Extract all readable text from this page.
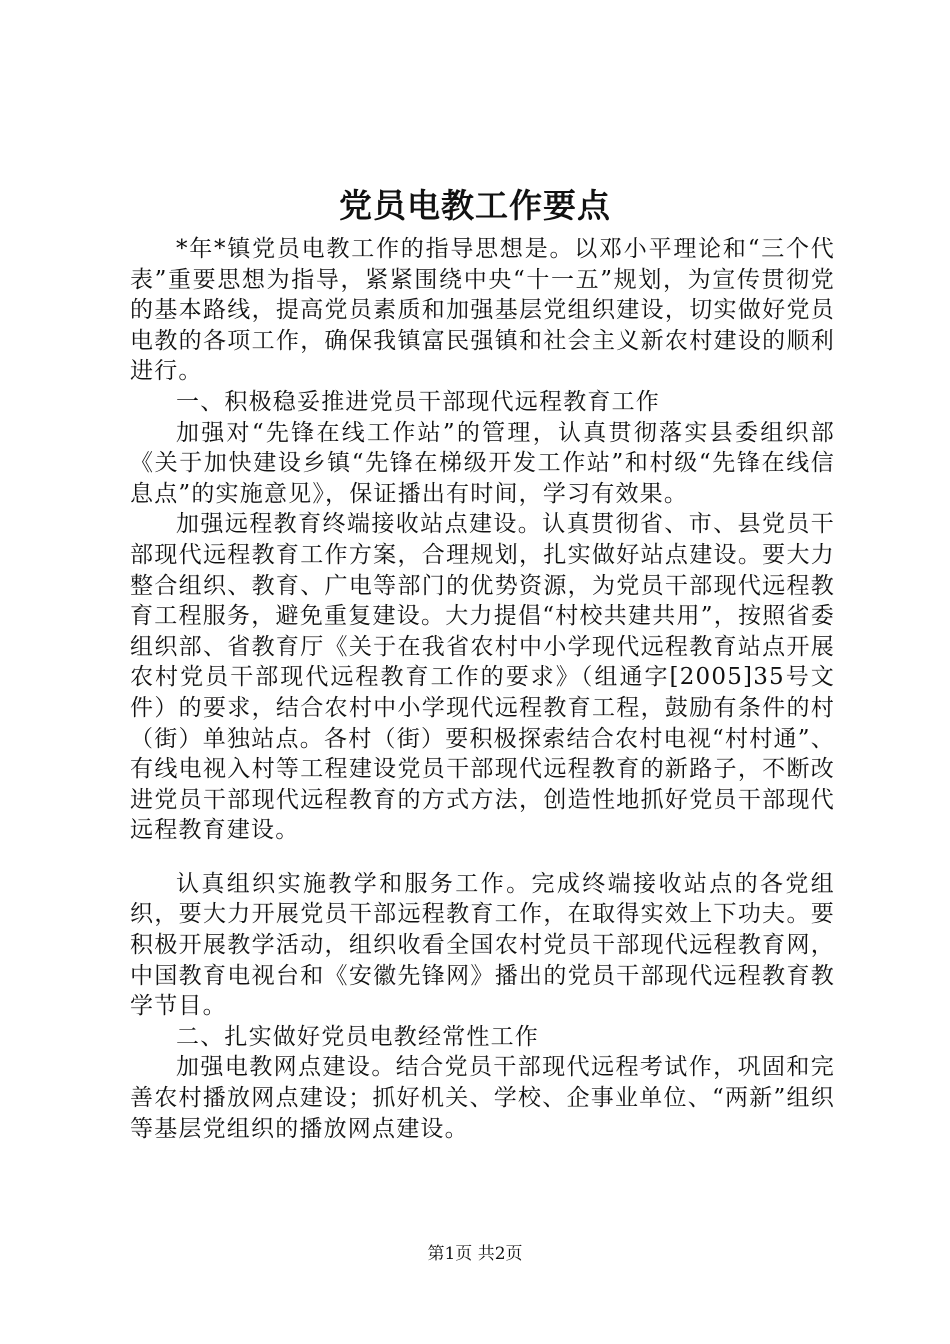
党员电教工作要点

*年*镇党员电教工作的指导思想是。以邓小平理论和“三个代表”重要思想为指导，紧紧围绕中央“十一五”规划，为宣传贯彻党的基本路线，提高党员素质和加强基层党组织建设，切实做好党员电教的各项工作，确保我镇富民强镇和社会主义新农村建设的顺利进行。

一、积极稳妥推进党员干部现代远程教育工作

加强对“先锋在线工作站”的管理，认真贯彻落实县委组织部《关于加快建设乡镇“先锋在梯级开发工作站”和村级“先锋在线信息点”的实施意见》，保证播出有时间，学习有效果。

加强远程教育终端接收站点建设。认真贯彻省、市、县党员干部现代远程教育工作方案，合理规划，扎实做好站点建设。要大力整合组织、教育、广电等部门的优势资源，为党员干部现代远程教育工程服务，避免重复建设。大力提倡“村校共建共用”，按照省委组织部、省教育厅《关于在我省农村中小学现代远程教育站点开展农村党员干部现代远程教育工作的要求》（组通字[2005]35号文件）的要求，结合农村中小学现代远程教育工程，鼓励有条件的村（街）单独站点。各村（街）要积极探索结合农村电视“村村通”、有线电视入村等工程建设党员干部现代远程教育的新路子，不断改进党员干部现代远程教育的方式方法，创造性地抓好党员干部现代远程教育建设。

认真组织实施教学和服务工作。完成终端接收站点的各党组织，要大力开展党员干部远程教育工作，在取得实效上下功夫。要积极开展教学活动，组织收看全国农村党员干部现代远程教育网，中国教育电视台和《安徽先锋网》播出的党员干部现代远程教育教学节目。

二、扎实做好党员电教经常性工作

加强电教网点建设。结合党员干部现代远程考试作，巩固和完善农村播放网点建设；抓好机关、学校、企事业单位、“两新”组织等基层党组织的播放网点建设。

第1页 共2页
